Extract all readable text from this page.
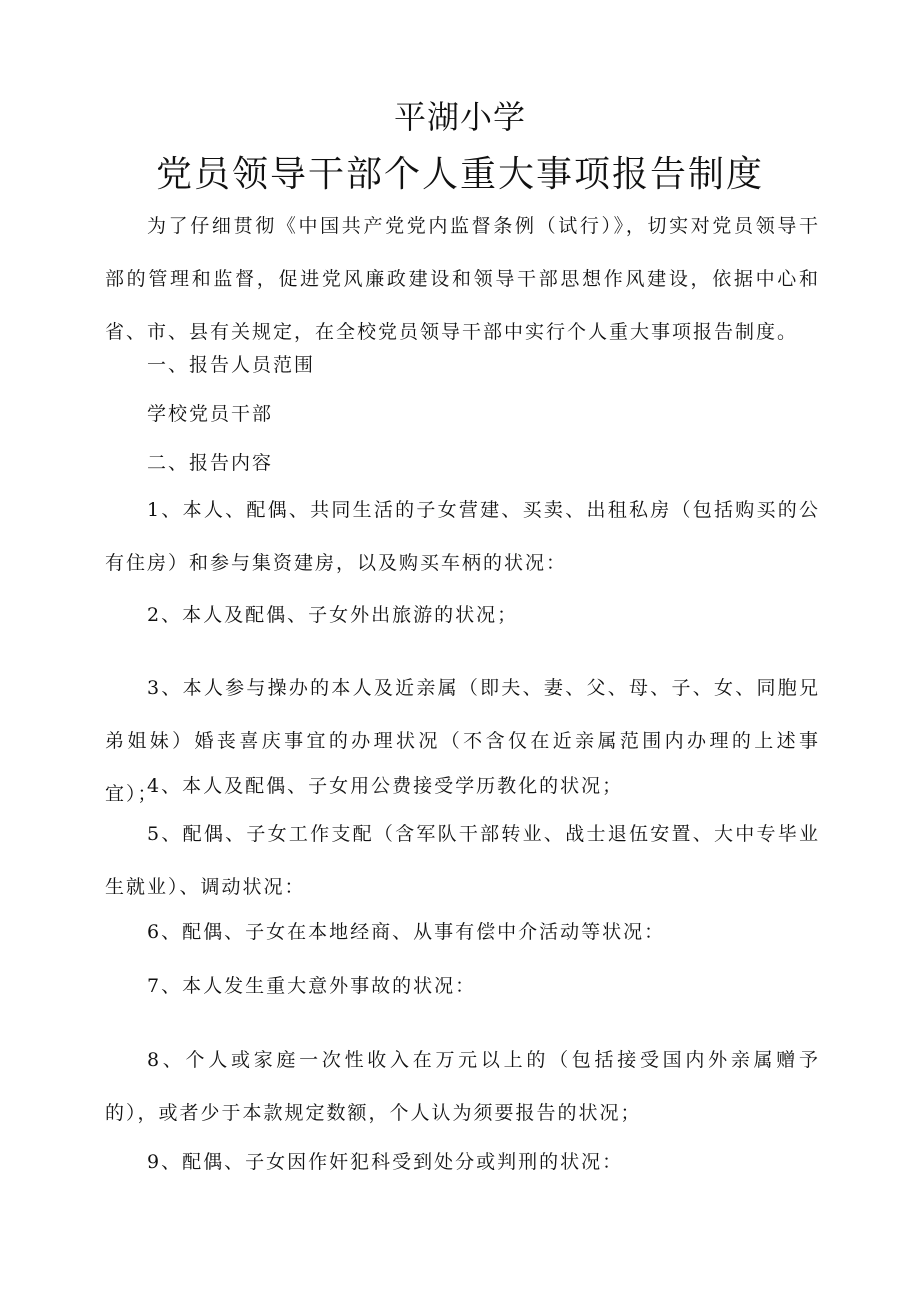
平湖小学
党员领导干部个人重大事项报告制度

为了仔细贯彻《中国共产党党内监督条例（试行）》，切实对党员领导干部的管理和监督，促进党风廉政建设和领导干部思想作风建设，依据中心和省、市、县有关规定，在全校党员领导干部中实行个人重大事项报告制度。

一、报告人员范围

学校党员干部

二、报告内容

1、本人、配偶、共同生活的子女营建、买卖、出租私房（包括购买的公有住房）和参与集资建房，以及购买车柄的状况：

2、本人及配偶、子女外出旅游的状况；

3、本人参与操办的本人及近亲属（即夫、妻、父、母、子、女、同胞兄弟姐妹）婚丧喜庆事宜的办理状况（不含仅在近亲属范围内办理的上述事宜）；

4、本人及配偶、子女用公费接受学历教化的状况；

5、配偶、子女工作支配（含军队干部转业、战士退伍安置、大中专毕业生就业）、调动状况：

6、配偶、子女在本地经商、从事有偿中介活动等状况：

7、本人发生重大意外事故的状况：

8、个人或家庭一次性收入在万元以上的（包括接受国内外亲属赠予的），或者少于本款规定数额，个人认为须要报告的状况；

9、配偶、子女因作奸犯科受到处分或判刑的状况：
